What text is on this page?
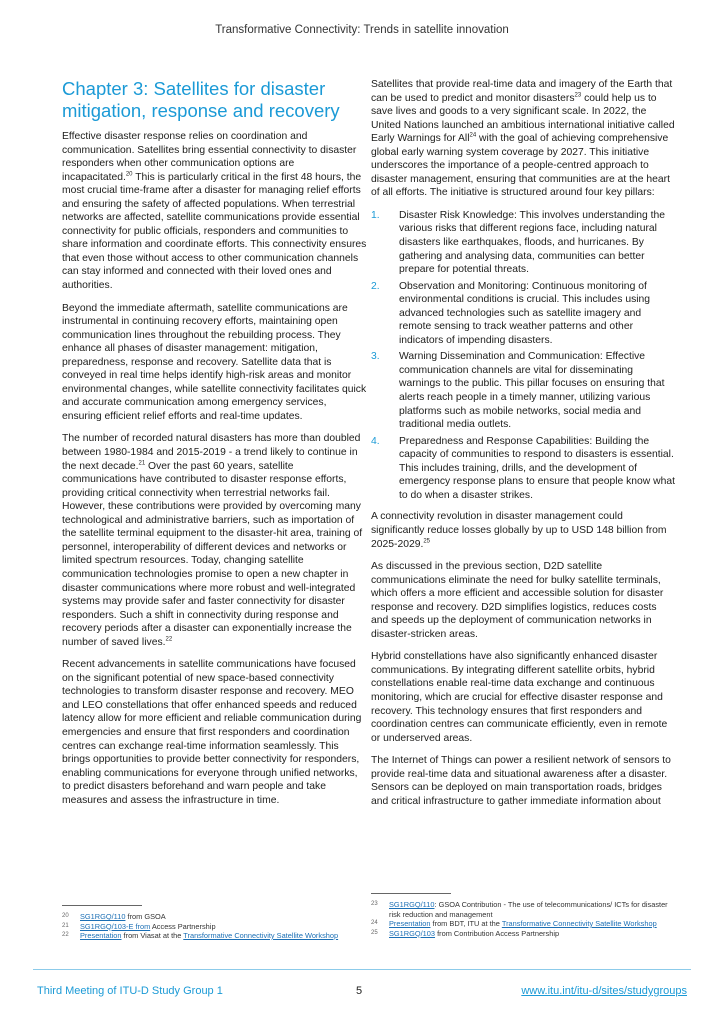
Transformative Connectivity: Trends in satellite innovation
Chapter 3: Satellites for disaster mitigation, response and recovery

Effective disaster response relies on coordination and communication. Satellites bring essential connectivity to disaster responders when other communication options are incapacitated.$^{20}$ This is particularly critical in the first 48 hours, the most crucial time-frame after a disaster for managing relief efforts and ensuring the safety of affected populations. When terrestrial networks are affected, satellite communications provide essential connectivity for public officials, responders and communities to share information and coordinate efforts. This connectivity ensures that even those without access to other communication channels can stay informed and connected with their loved ones and authorities.

Beyond the immediate aftermath, satellite communications are instrumental in continuing recovery efforts, maintaining open communication lines throughout the rebuilding process. They enhance all phases of disaster management: mitigation, preparedness, response and recovery. Satellite data that is conveyed in real time helps identify high-risk areas and monitor environmental changes, while satellite connectivity facilitates quick and accurate communication among emergency services, ensuring efficient relief efforts and real-time updates.

The number of recorded natural disasters has more than doubled between 1980-1984 and 2015-2019 - a trend likely to continue in the next decade.$^{21}$ Over the past 60 years, satellite communications have contributed to disaster response efforts, providing critical connectivity when terrestrial networks fail. However, these contributions were provided by overcoming many technological and administrative barriers, such as importation of the satellite terminal equipment to the disaster-hit area, training of personnel, interoperability of different devices and networks or limited spectrum resources. Today, changing satellite communication technologies promise to open a new chapter in disaster communications where more robust and well-integrated systems may provide safer and faster connectivity for disaster responders. Such a shift in connectivity during response and recovery periods after a disaster can exponentially increase the number of saved lives.$^{22}$

Recent advancements in satellite communications have focused on the significant potential of new space-based connectivity technologies to transform disaster response and recovery. MEO and LEO constellations that offer enhanced speeds and reduced latency allow for more efficient and reliable communication during emergencies and ensure that first responders and coordination centres can exchange real-time information seamlessly. This brings opportunities to provide better connectivity for responders, enabling communications for everyone through unified networks, to predict disasters beforehand and warn people and take measures and assess the infrastructure in time.

Satellites that provide real-time data and imagery of the Earth that can be used to predict and monitor disasters$^{23}$ could help us to save lives and goods to a very significant scale. In 2022, the United Nations launched an ambitious international initiative called Early Warnings for All$^{24}$ with the goal of achieving comprehensive global early warning system coverage by 2027. This initiative underscores the importance of a people-centred approach to disaster management, ensuring that communities are at the heart of all efforts. The initiative is structured around four key pillars:

1.	Disaster Risk Knowledge: This involves understanding the various risks that different regions face, including natural disasters like earthquakes, floods, and hurricanes. By gathering and analysing data, communities can better prepare for potential threats.
2.	Observation and Monitoring: Continuous monitoring of environmental conditions is crucial. This includes using advanced technologies such as satellite imagery and remote sensing to track weather patterns and other indicators of impending disasters.
3.	Warning Dissemination and Communication: Effective communication channels are vital for disseminating warnings to the public. This pillar focuses on ensuring that alerts reach people in a timely manner, utilizing various platforms such as mobile networks, social media and traditional media outlets.
4.	Preparedness and Response Capabilities: Building the capacity of communities to respond to disasters is essential. This includes training, drills, and the development of emergency response plans to ensure that people know what to do when a disaster strikes.

A connectivity revolution in disaster management could significantly reduce losses globally by up to USD 148 billion from 2025-2029.25

As discussed in the previous section, D2D satellite communications eliminate the need for bulky satellite terminals, which offers a more efficient and accessible solution for disaster response and recovery. D2D simplifies logistics, reduces costs and speeds up the deployment of communication networks in disaster-stricken areas.

Hybrid constellations have also significantly enhanced disaster communications. By integrating different satellite orbits, hybrid constellations enable real-time data exchange and continuous monitoring, which are crucial for effective disaster response and recovery. This technology ensures that first responders and coordination centres can communicate efficiently, even in remote or underserved areas.

The Internet of Things can power a resilient network of sensors to provide real-time data and situational awareness after a disaster. Sensors can be deployed on main transportation roads, bridges and critical infrastructure to gather immediate information about

20	SG1RGQ/110 from GSOA
21	SG1RGQ/103-E from Access Partnership
22	Presentation from Viasat at the Transformative Connectivity Satellite Workshop
23	SG1RGQ/110: GSOA Contribution - The use of telecommunications/ ICTs for disaster risk reduction and management
24	Presentation from BDT, ITU at the Transformative Connectivity Satellite Workshop
25	SG1RGQ/103 from Contribution Access Partnership
Third Meeting of ITU-D Study Group 1	5	www.itu.int/itu-d/sites/studygroups
